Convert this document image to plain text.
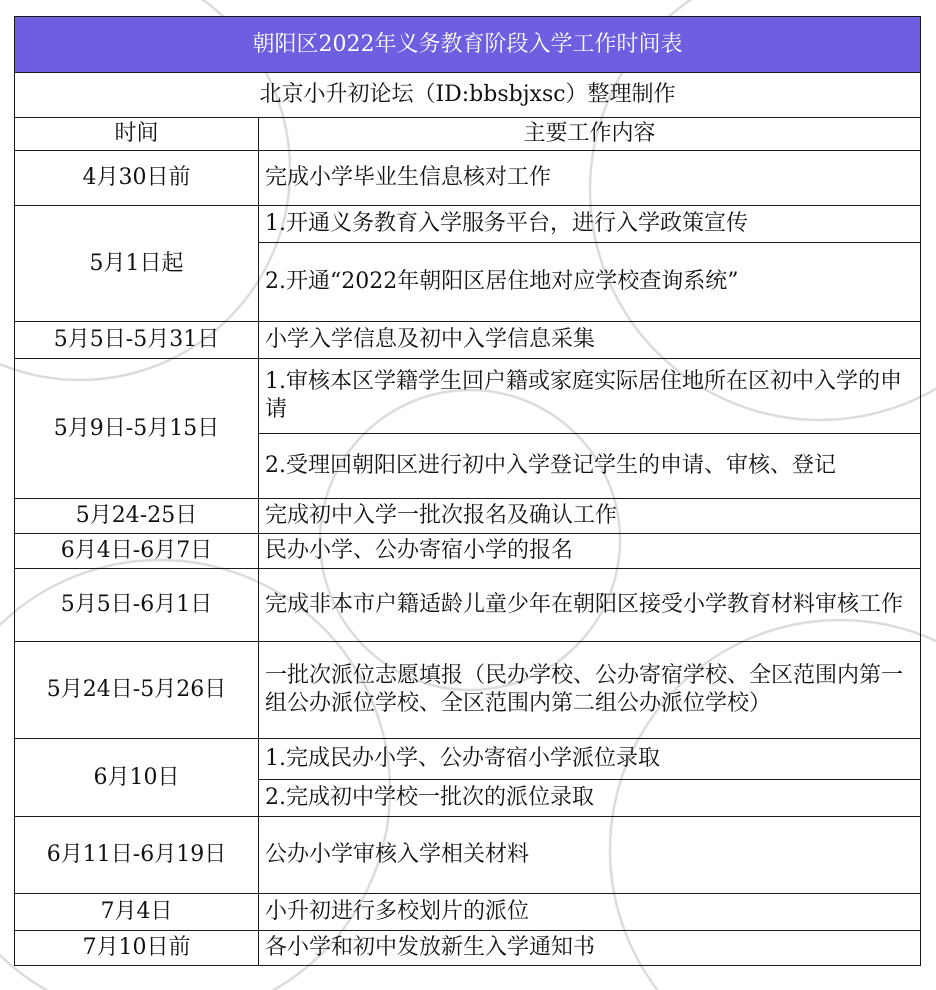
朝阳区2022年义务教育阶段入学工作时间表	
北京小升初论坛（ID:bbsbjxsc）整理制作	
时间	主要工作内容
4月30日前	完成小学毕业生信息核对工作
5月1日起	1.开通义务教育入学服务平台，进行入学政策宣传
	2.开通“2022年朝阳区居住地对应学校查询系统”
5月5日-5月31日	小学入学信息及初中入学信息采集
5月9日-5月15日	1.审核本区学籍学生回户籍或家庭实际居住地所在区初中入学的申请
	2.受理回朝阳区进行初中入学登记学生的申请、审核、登记
5月24-25日	完成初中入学一批次报名及确认工作
6月4日-6月7日	民办小学、公办寄宿小学的报名
5月5日-6月1日	完成非本市户籍适龄儿童少年在朝阳区接受小学教育材料审核工作
5月24日-5月26日	一批次派位志愿填报（民办学校、公办寄宿学校、全区范围内第一组公办派位学校、全区范围内第二组公办派位学校）
6月10日	1.完成民办小学、公办寄宿小学派位录取
	2.完成初中学校一批次的派位录取
6月11日-6月19日	公办小学审核入学相关材料
7月4日	小升初进行多校划片的派位
7月10日前	各小学和初中发放新生入学通知书
